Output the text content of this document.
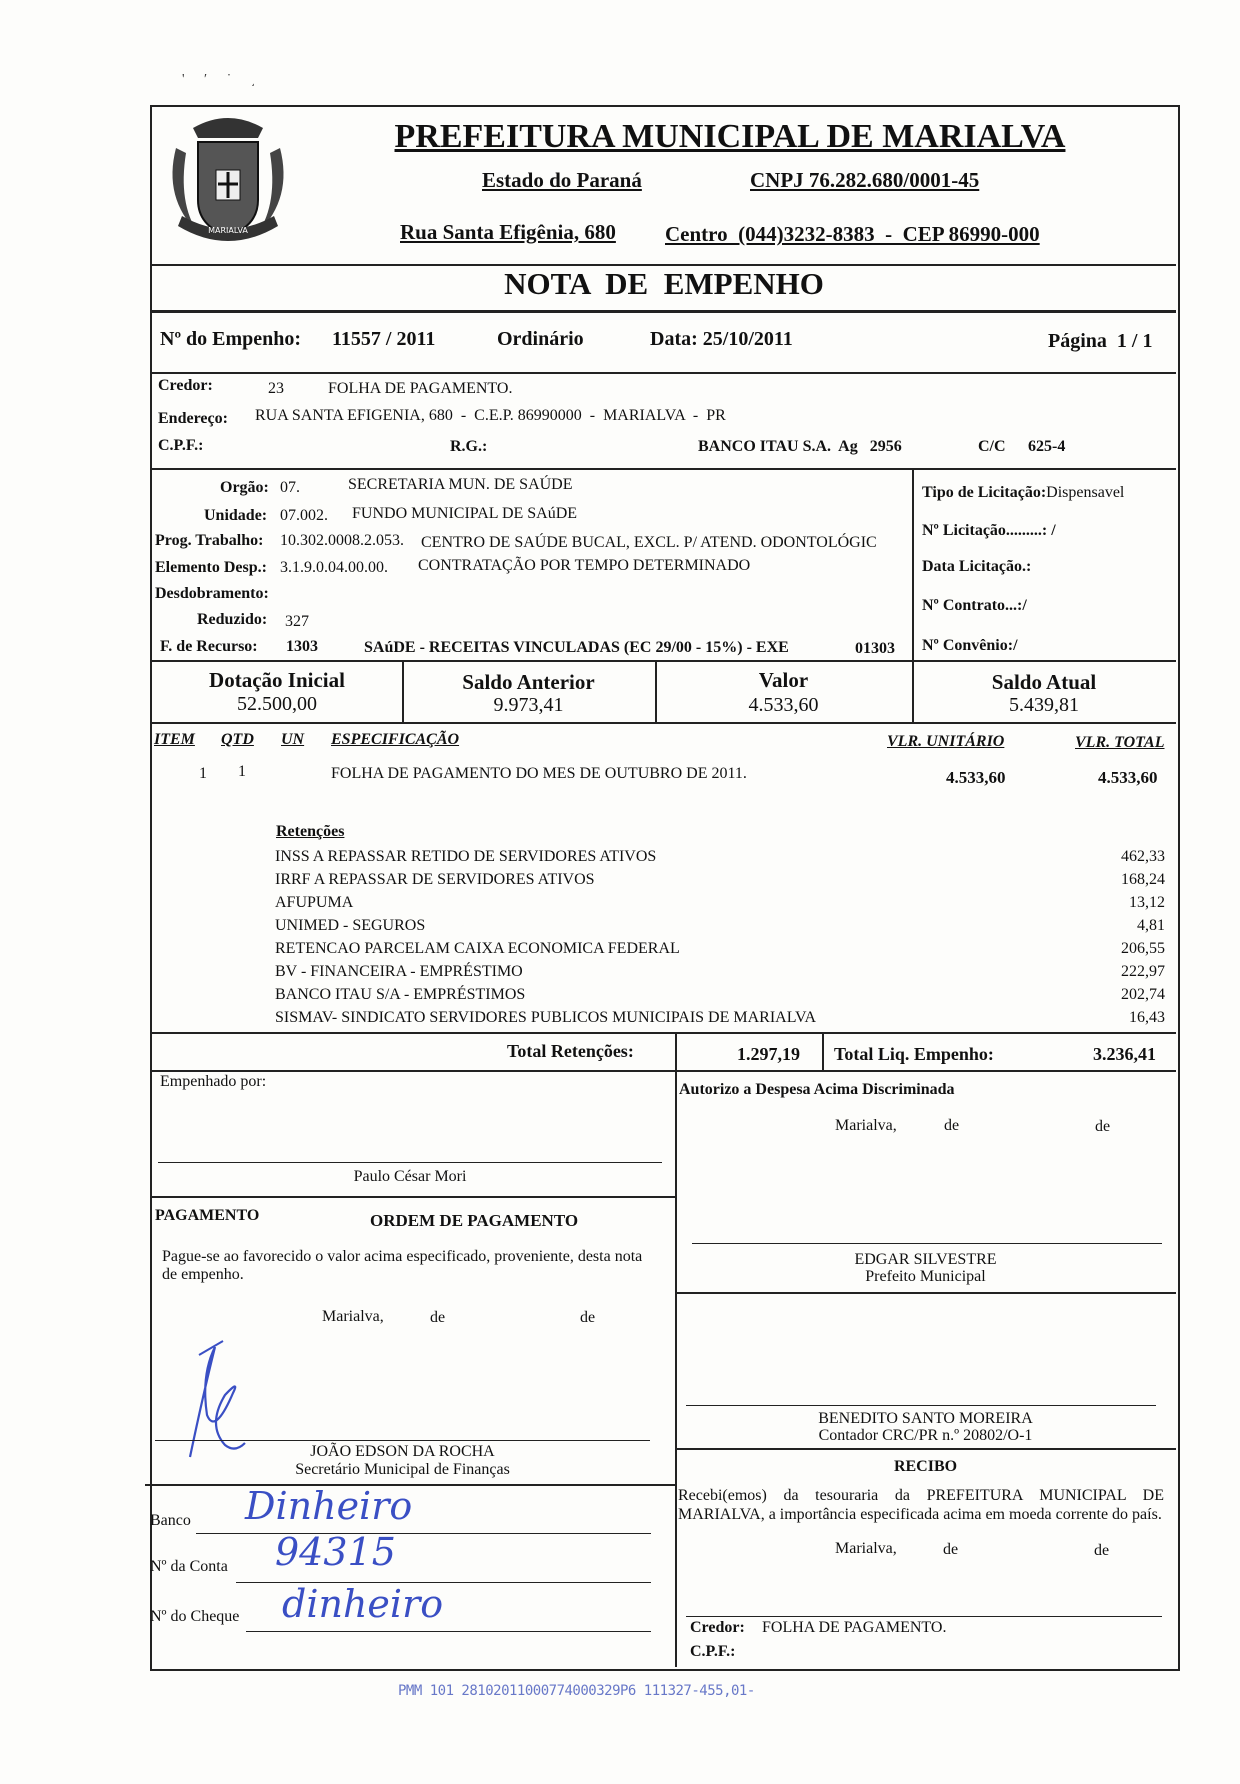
' ′ ˙ ͵
MARIALVA
PREFEITURA MUNICIPAL DE MARIALVA
Estado do Paraná	CNPJ 76.282.680/0001-45
Rua Santa Efigênia, 680 Centro  (044)3232-8383  -  CEP 86990-000
NOTA  DE  EMPENHO
Nº do Empenho: 11557 / 2011	Ordinário	Data: 25/10/2011	Página  1 / 1
Credor:	23	FOLHA DE PAGAMENTO.
Endereço: RUA SANTA EFIGENIA, 680  -  C.E.P. 86990000  -  MARIALVA  -  PR
C.P.F.:	R.G.:	BANCO ITAU S.A.  Ag   2956	C/C 625-4
Orgão: 07.	SECRETARIA MUN. DE SAÚDE
Unidade: 07.002. FUNDO MUNICIPAL DE SAúDE
Prog. Trabalho: 10.302.0008.2.053. CENTRO DE SAÚDE BUCAL, EXCL. P/ ATEND. ODONTOLÓGIC
Elemento Desp.: 3.1.9.0.04.00.00. CONTRATAÇÃO POR TEMPO DETERMINADO
Desdobramento:
Reduzido: 327
F. de Recurso: 1303	SAúDE - RECEITAS VINCULADAS (EC 29/00 - 15%) - EXE	01303
Tipo de Licitação:Dispensavel
Nº Licitação.........: /
Data Licitação.:
Nº Contrato...:/
Nº Convênio:/
Dotação Inicial
52.500,00
Saldo Anterior
9.973,41
Valor
4.533,60
Saldo Atual
5.439,81
ITEM QTD UN ESPECIFICAÇÃO	VLR. UNITÁRIO	VLR. TOTAL
1 1	FOLHA DE PAGAMENTO DO MES DE OUTUBRO DE 2011.	4.533,60	4.533,60
Retenções
INSS A REPASSAR RETIDO DE SERVIDORES ATIVOS	462,33
IRRF A REPASSAR DE SERVIDORES ATIVOS	168,24
AFUPUMA	13,12
UNIMED - SEGUROS	4,81
RETENCAO PARCELAM CAIXA ECONOMICA FEDERAL	206,55
BV - FINANCEIRA - EMPRÉSTIMO	222,97
BANCO ITAU S/A - EMPRÉSTIMOS	202,74
SISMAV- SINDICATO SERVIDORES PUBLICOS MUNICIPAIS DE MARIALVA	16,43
Total Retenções:	1.297,19 Total Liq. Empenho:	3.236,41
Empenhado por:
Paulo César Mori
PAGAMENTO	ORDEM DE PAGAMENTO
Pague-se ao favorecido o valor acima especificado, proveniente, desta nota de empenho.
Marialva,	de	de
JOÃO EDSON DA ROCHA
Secretário Municipal de Finanças
Banco Dinheiro
Nº da Conta 94315
Nº do Cheque dinheiro
Autorizo a Despesa Acima Discriminada
Marialva,	de	de
EDGAR SILVESTRE
Prefeito Municipal
BENEDITO SANTO MOREIRA
Contador CRC/PR n.º 20802/O-1
RECIBO
Recebi(emos) da tesouraria da PREFEITURA MUNICIPAL DE MARIALVA, a importância especificada acima em moeda corrente do país.
Marialva,	de	de
Credor: FOLHA DE PAGAMENTO.
C.P.F.:
PMM 101 28102011000774000329P6 111327-455,01-
